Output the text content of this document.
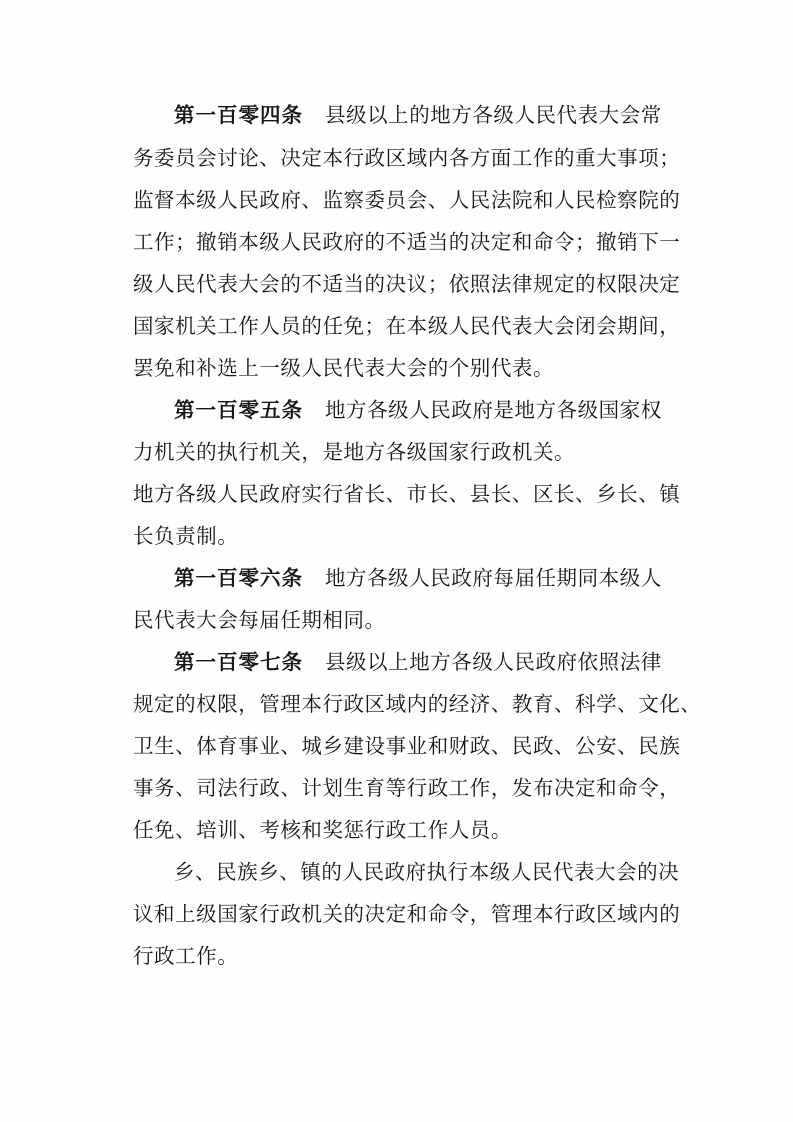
第一百零四条 县级以上的地方各级人民代表大会常
务委员会讨论、决定本行政区域内各方面工作的重大事项；
监督本级人民政府、监察委员会、人民法院和人民检察院的
工作；撤销本级人民政府的不适当的决定和命令；撤销下一
级人民代表大会的不适当的决议；依照法律规定的权限决定
国家机关工作人员的任免；在本级人民代表大会闭会期间，
罢免和补选上一级人民代表大会的个别代表。
第一百零五条 地方各级人民政府是地方各级国家权
力机关的执行机关，是地方各级国家行政机关。
地方各级人民政府实行省长、市长、县长、区长、乡长、镇
长负责制。
第一百零六条 地方各级人民政府每届任期同本级人
民代表大会每届任期相同。
第一百零七条 县级以上地方各级人民政府依照法律
规定的权限，管理本行政区域内的经济、教育、科学、文化、
卫生、体育事业、城乡建设事业和财政、民政、公安、民族
事务、司法行政、计划生育等行政工作，发布决定和命令，
任免、培训、考核和奖惩行政工作人员。
乡、民族乡、镇的人民政府执行本级人民代表大会的决
议和上级国家行政机关的决定和命令，管理本行政区域内的
行政工作。
